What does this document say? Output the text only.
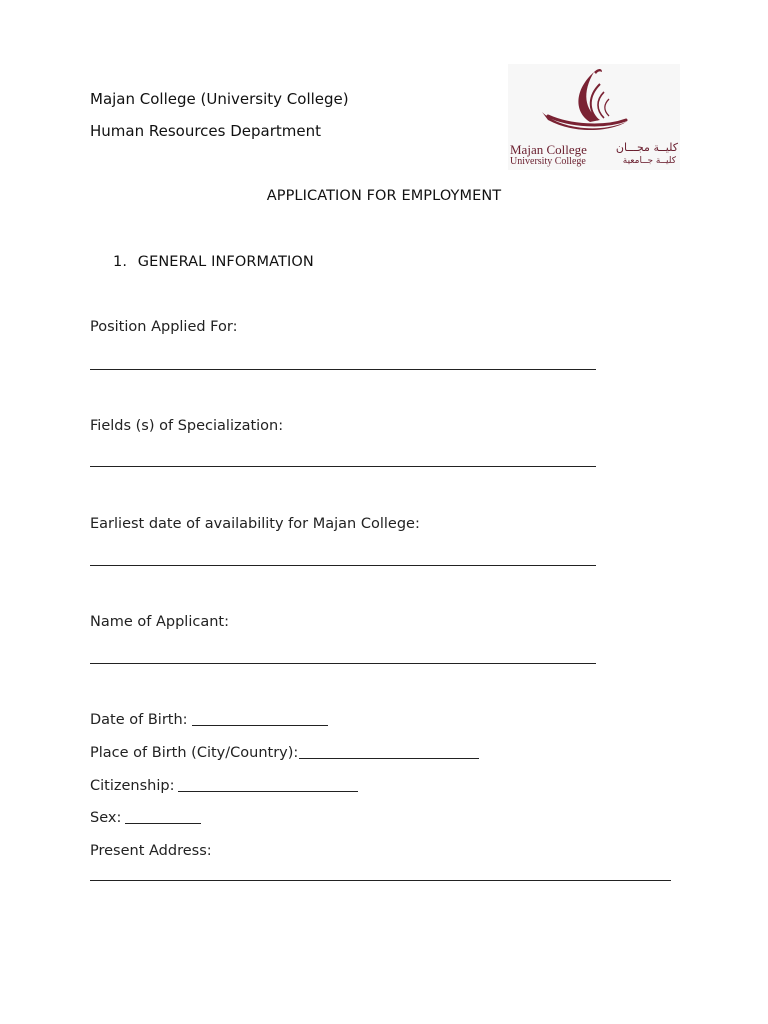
Majan College (University College)
Human Resources Department
Majan College
University College
كليــة مجـــان
كليــة جــامعية
APPLICATION FOR EMPLOYMENT
1. GENERAL INFORMATION
Position Applied For:
Fields (s) of Specialization:
Earliest date of availability for Majan College:
Name of Applicant:
Date of Birth:
Place of Birth (City/Country):
Citizenship:
Sex:
Present Address:
